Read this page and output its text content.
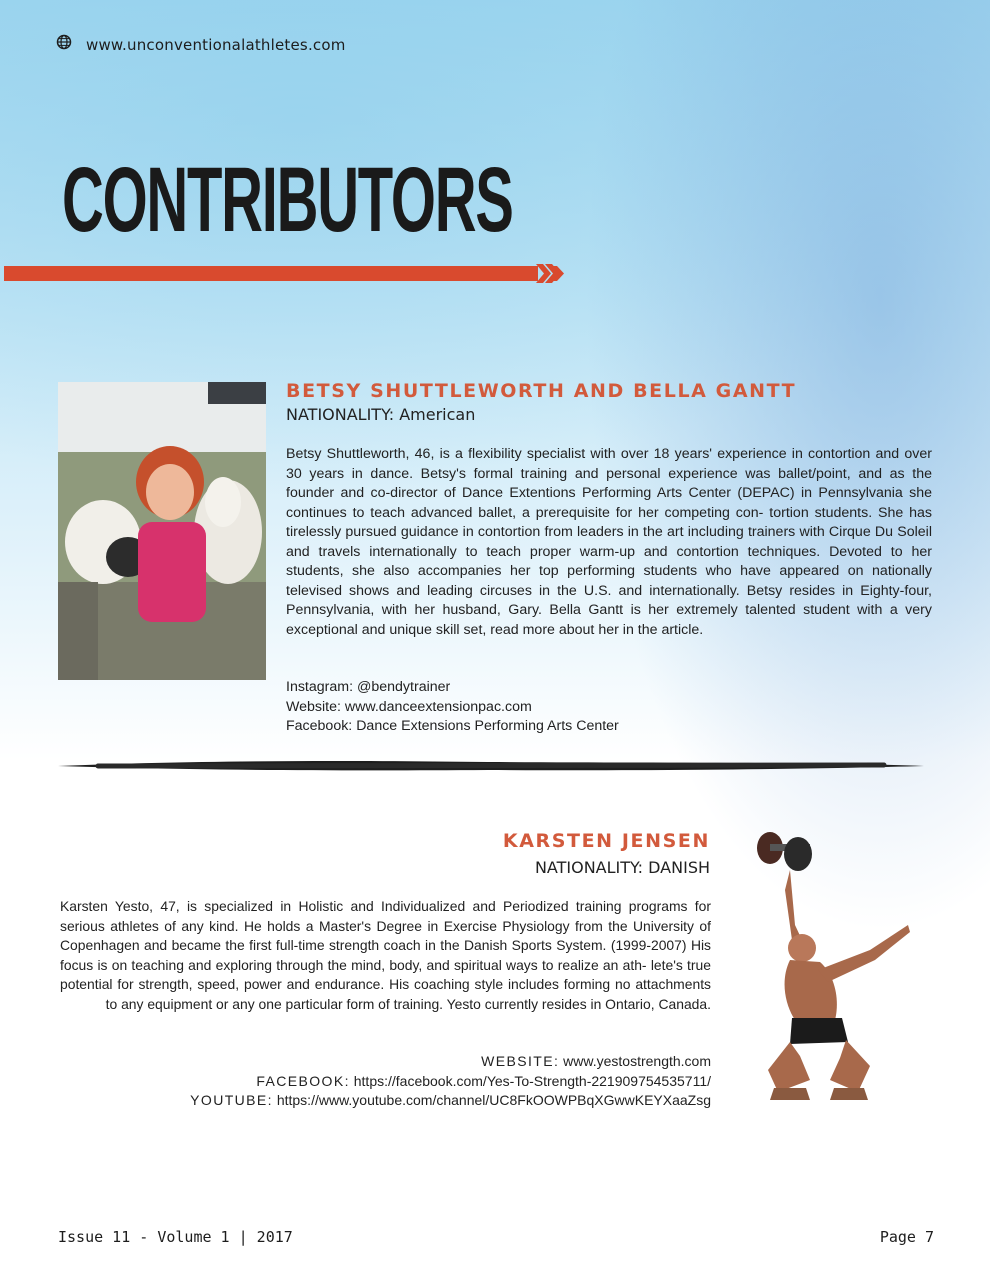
www.unconventionalathletes.com
CONTRIBUTORS
BETSY SHUTTLEWORTH AND BELLA GANTT
NATIONALITY: American

Betsy Shuttleworth, 46, is a flexibility specialist with over 18 years' experience in contortion and over 30 years in dance. Betsy's formal training and personal experience was ballet/point, and as the founder and co-director of Dance Extentions Performing Arts Center (DEPAC) in Pennsylvania she continues to teach advanced ballet, a prerequisite for her competing con- tortion students. She has tirelessly pursued guidance in contortion from leaders in the art including trainers with Cirque Du Soleil and travels internationally to teach proper warm-up and contortion techniques. Devoted to her students, she also accompanies her top performing students who have appeared on nationally televised shows and leading circuses in the U.S. and internationally. Betsy resides in Eighty-four, Pennsylvania, with her husband, Gary. Bella Gantt is her extremely talented student with a very exceptional and unique skill set, read more about her in the article.

Instagram: @bendytrainer
Website: www.danceextensionpac.com
Facebook: Dance Extensions Performing Arts Center
KARSTEN JENSEN
NATIONALITY: DANISH

Karsten Yesto, 47, is specialized in Holistic and Individualized and Periodized training programs for serious athletes of any kind. He holds a Master's Degree in Exercise Physiology from the University of Copenhagen and became the first full-time strength coach in the Danish Sports System. (1999-2007) His focus is on teaching and exploring through the mind, body, and spiritual ways to realize an ath- lete's true potential for strength, speed, power and endurance. His coaching style includes forming no attachments to any equipment or any one particular form of training. Yesto currently resides in Ontario, Canada.

WEBSITE: www.yestostrength.com
FACEBOOK: https://facebook.com/Yes-To-Strength-221909754535711/
YOUTUBE: https://www.youtube.com/channel/UC8FkOOWPBqXGwwKEYXaaZsg
Issue 11 - Volume 1 | 2017	Page 7
